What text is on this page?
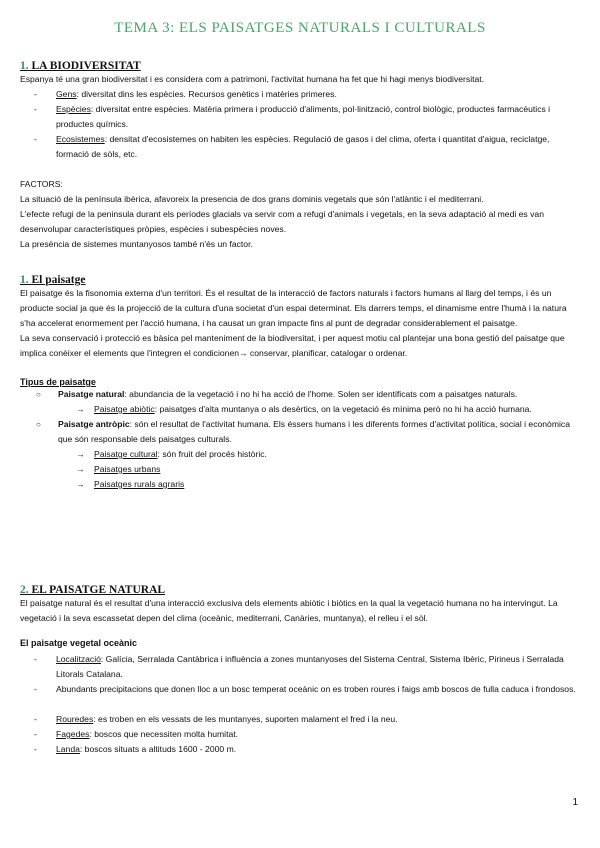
TEMA 3: ELS PAISATGES NATURALS I CULTURALS
1. LA BIODIVERSITAT
Espanya té una gran biodiversitat i es considera com a patrimoni, l'activitat humana ha fet que hi hagi menys biodiversitat.
- Gens: diversitat dins les espècies. Recursos genètics i matèries primeres.
- Espècies: diversitat entre espècies. Matèria primera i producció d'aliments, pol·linització, control biològic, productes farmacèutics i productes químics.
- Ecosistemes: densitat d'ecosistemes on habiten les espècies. Regulació de gasos i del clima, oferta i quantitat d'aigua, reciclatge, formació de sòls, etc.
FACTORS:
La situació de la península ibèrica, afavoreix la presencia de dos grans dominis vegetals que són l'atlàntic i el mediterrani.
L'efecte refugi de la peninsula durant els períodes glacials va servir com a refugi d'animals i vegetals, en la seva adaptació al medi es van desenvolupar característiques pròpies, espècies i subespècies noves.
La presència de sistemes muntanyosos també n'és un factor.
1. El paisatge
El paisatge és la fisonomia externa d'un territori. És el resultat de la interacció de factors naturals i factors humans al llarg del temps, i és un producte social ja que és la projecció de la cultura d'una societat d'un espai determinat. Els darrers temps, el dinamisme entre l'humà i la natura s'ha accelerat enormement per l'acció humana, i ha causat un gran impacte fins al punt de degradar considerablement el paisatge.
La seva conservació i protecció es bàsica pel manteniment de la biodiversitat, i per aquest motiu cal plantejar una bona gestió del paisatge que implica conèixer el elements que l'integren el condicionen→ conservar, planificar, catalogar o ordenar.
Tipus de paisatge
○ Paisatge natural: abundancia de la vegetació i no hi ha acció de l'home. Solen ser identificats com a paisatges naturals.
→ Paisatge abiòtic: paisatges d'alta muntanya o als desèrtics, on la vegetació és mínima però no hi ha acció humana.
○ Paisatge antròpic: són el resultat de l'activitat humana. Els éssers humans i les diferents formes d'activitat política, social i econòmica que són responsable dels paisatges culturals.
→ Paisatge cultural: són fruit del procés històric.
→ Paisatges urbans
→ Paisatges rurals agraris
2. EL PAISATGE NATURAL
El paisatge natural és el resultat d'una interacció exclusiva dels elements abiòtic i biòtics en la qual la vegetació humana no ha intervingut. La vegetació i la seva escassetat depen del clima (oceànic, mediterrani, Canàries, muntanya), el relleu i el sòl.
El paisatge vegetal oceànic
- Localització: Galícia, Serralada Cantàbrica i influència a zones muntanyoses del Sistema Central, Sistema Ibèric, Pirineus i Serralada Litorals Catalana.
- Abundants precipitacions que donen lloc a un bosc temperat oceànic on es troben roures i faigs amb boscos de fulla caduca i frondosos.
- Rouredes: es troben en els vessats de les muntanyes, suporten malament el fred i la neu.
- Fagedes: boscos que necessiten molta humitat.
- Landa: boscos situats a altituds 1600 - 2000 m.
1
